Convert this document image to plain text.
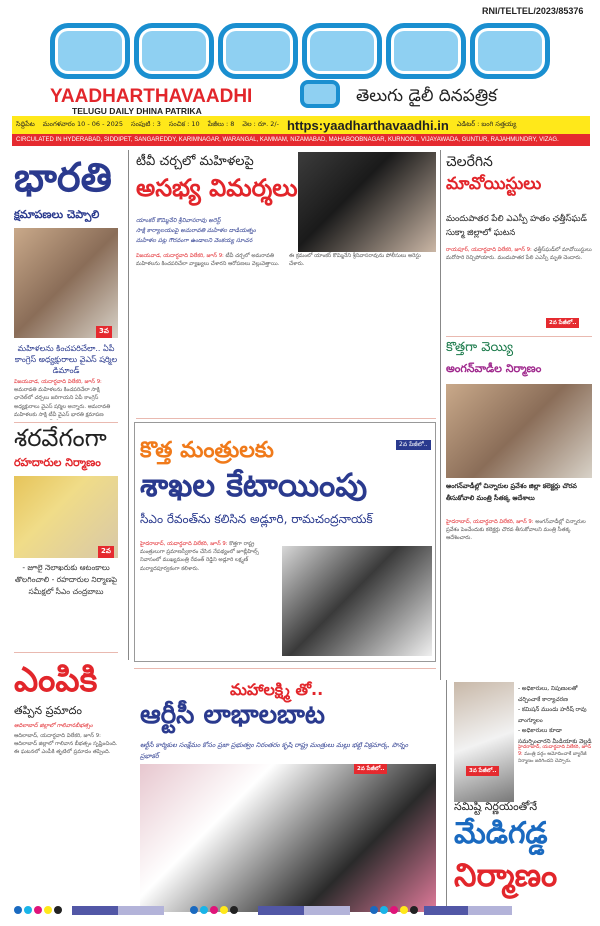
RNI/TELTEL/2023/85376
YAADHARTHAVAADHI
TELUGU DAILY DHINA PATRIKA
తెలుగు డైలీ దినపత్రిక
సిద్దిపేట మంగళవారం 10 - 06 - 2025 సంపుటి : 3 సంచిక : 10 పేజీలు : 8 వెల : రూ. 2/- https:yaadharthavaadhi.in ఎడిటర్ : బంగి సత్తయ్య
CIRCULATED IN HYDERABAD, SIDDIPET, SANGAREDDY, KARIMNAGAR, WARANGAL, KAMMAM, NIZAMABAD, MAHABOOBNAGAR, KURNOOL, VIJAYAWADA, GUNTUR, RAJAHMUNDRY, VIZAG.
భారతి
క్షమాపణలు చెప్పాలి
3వ
మహిళలను కించపరిచేలా.. ఏపీ కాంగ్రెస్ అధ్యక్షురాలు వైఎస్ షర్మిల డిమాండ్
విజయవాడ, యదార్థవాది విలేకరి, జూన్ 9: అమరావతి మహిళలను కించపరిచేలా సాక్షి ఛానెల్‌లో చర్చలు జరిగాయని ఏపీ కాంగ్రెస్ అధ్యక్షురాలు వైఎస్ షర్మిల అన్నారు. అమరావతి మహిళలకు సాక్షి టీవీ వైఎస్ భారతి క్షమాపణ
శరవేగంగా
రహదారుల నిర్మాణం
2వ
- జూలై నెలాఖరుకు ఆటంకాలు తొలగించాలి - రహదారుల నిర్మాణపై సమీక్షలో సీఎం చంద్రబాబు
ఎంపికి
తప్పిన ప్రమాదం
ఆదిలాబాద్ జిల్లాలో గాలివానబీభత్సం
ఆదిలాబాద్, యదార్థవాది విలేకరి, జూన్ 9: ఆదిలాబాద్ జిల్లాలో గాలివాన బీభత్సం సృష్టించింది. ఈ ఘటనలో ఎంపీకి తృటిలో ప్రమాదం తప్పింది.
టీవీ చర్చలో మహిళలపై
అసభ్య విమర్శలు
యాంకర్ కొమ్మినేని శ్రీనివాసరావు అరెస్ట్
సాక్షి కార్యాలయంపై అమరావతి మహిళల దాడియత్నం
మహిళల పట్ల గౌరవంగా ఉండాలని వెంకయ్య సూచన
విజయవాడ, యదార్థవాది విలేకరి, జూన్ 9: టీవీ చర్చలో అమరావతి మహిళలను కించపరిచేలా వ్యాఖ్యలు చేశారని ఆరోపణలు వెల్లువెత్తాయి. ఈ క్రమంలో యాంకర్ కొమ్మినేని శ్రీనివాసరావును పోలీసులు అరెస్టు చేశారు.
చెలరేగిన
మావోయిస్టులు
మందుపాతర పేలి ఎఎస్పీ హతం ఛత్తీస్‌ఘడ్ సుక్మా జిల్లాలో ఘటన
రాయపూర్, యదార్థవాది విలేకరి, జూన్ 9: ఛత్తీస్‌ఘడ్‌లో మావోయిస్టులు మరోసారి రెచ్చిపోయారు. మందుపాతర పేలి ఎఎస్పీ మృతి చెందారు.
2వ పేజీలో..
కొత్తగా వెయ్యి
అంగన్‌వాడీల నిర్మాణం
అంగన్‌వాడీల్లో చిన్నారుల ప్రవేశం జిల్లా కలెక్టర్లు చొరవ తీసుకోవాలి మంత్రి సీతక్క ఆదేశాలు
హైదరాబాద్, యదార్థవాది విలేకరి, జూన్ 9: అంగన్‌వాడీల్లో చిన్నారుల ప్రవేశం పెంచేందుకు కలెక్టర్లు చొరవ తీసుకోవాలని మంత్రి సీతక్క ఆదేశించారు.
కొత్త మంత్రులకు	2వ పేజీలో..
శాఖల కేటాయింపు
సీఎం రేవంత్‌ను కలిసిన అడ్లూరి, రామచంద్రనాయక్
హైదరాబాద్, యదార్థవాది విలేకరి, జూన్ 9: కొత్తగా రాష్ట్ర మంత్రులుగా ప్రమాణస్వీకారం చేసిన నేపథ్యంలో జూబ్లీహిల్స్ నివాసంలో ముఖ్యమంత్రి రేవంత్ రెడ్డిని అడ్లూరి లక్ష్మణ్ మర్యాదపూర్వకంగా కలిశారు.
మహాలక్ష్మి తో..
ఆర్టీసీ లాభాలబాట
ఆర్టీసీ కార్మికుల సంక్షేమం కోసం ప్రజా ప్రభుత్వం నిరంతరం కృషి రాష్ట్ర మంత్రులు మల్లు భట్టి విక్రమార్క, పొన్నం ప్రభాకర్
2వ పేజీలో..
- అధికారులు, నిపుణులతో చర్చించాకే కార్యాచరణ
- కమిషన్ ముందు హరీష్ రావు వాంగ్మూలం
- అధికారులు కూడా సమర్పించారని మీడియాకు వెల్లడి
3వ పేజీలో..
హైదరాబాద్, యదార్థవాది విలేకరి, జూన్ 9: మంత్రి వర్గం ఆమోదించాకే బ్యారేజీ నిర్మాణం జరిగిందని చెప్పారు.
సమిష్టి నిర్ణయంతోనే
మేడిగడ్డ
నిర్మాణం
